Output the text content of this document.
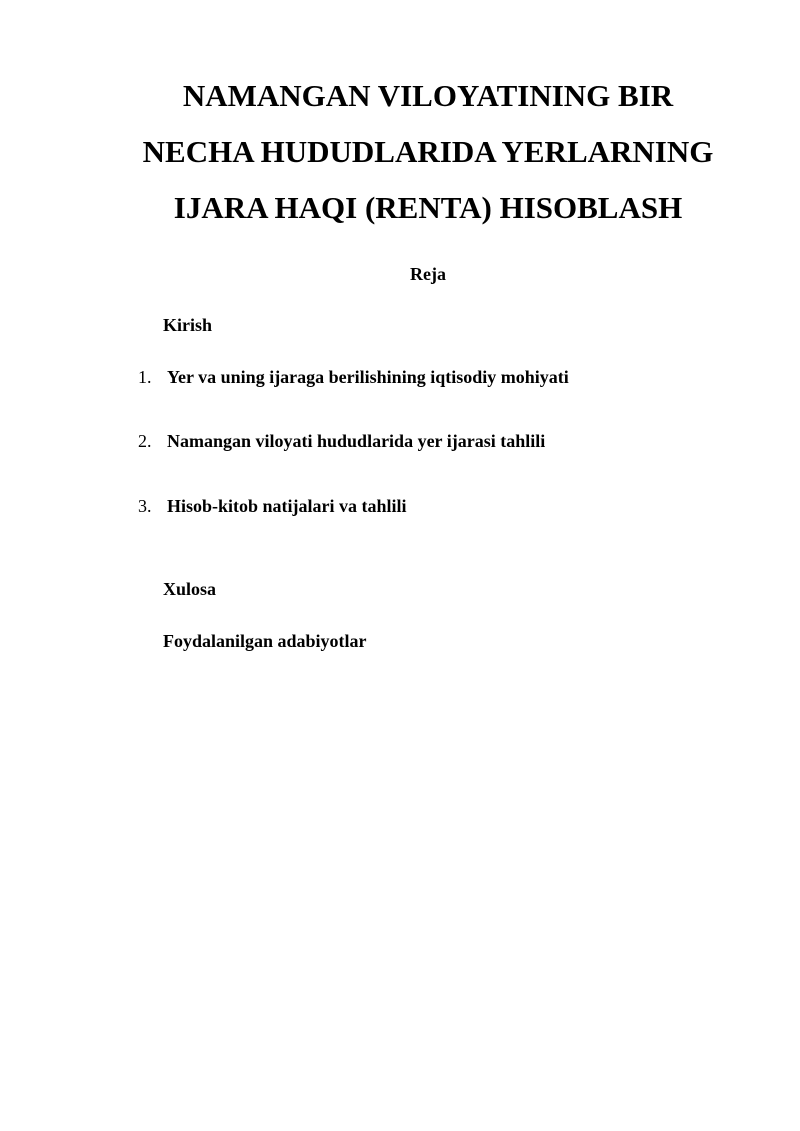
NAMANGAN VILOYATINING BIR
NECHA HUDUDLARIDA YERLARNING
IJARA HAQI (RENTA) HISOBLASH
Reja
Kirish
1. Yer va uning ijaraga berilishining iqtisodiy mohiyati
2. Namangan viloyati hududlarida yer ijarasi tahlili
3. Hisob-kitob natijalari va tahlili
Xulosa
Foydalanilgan adabiyotlar
